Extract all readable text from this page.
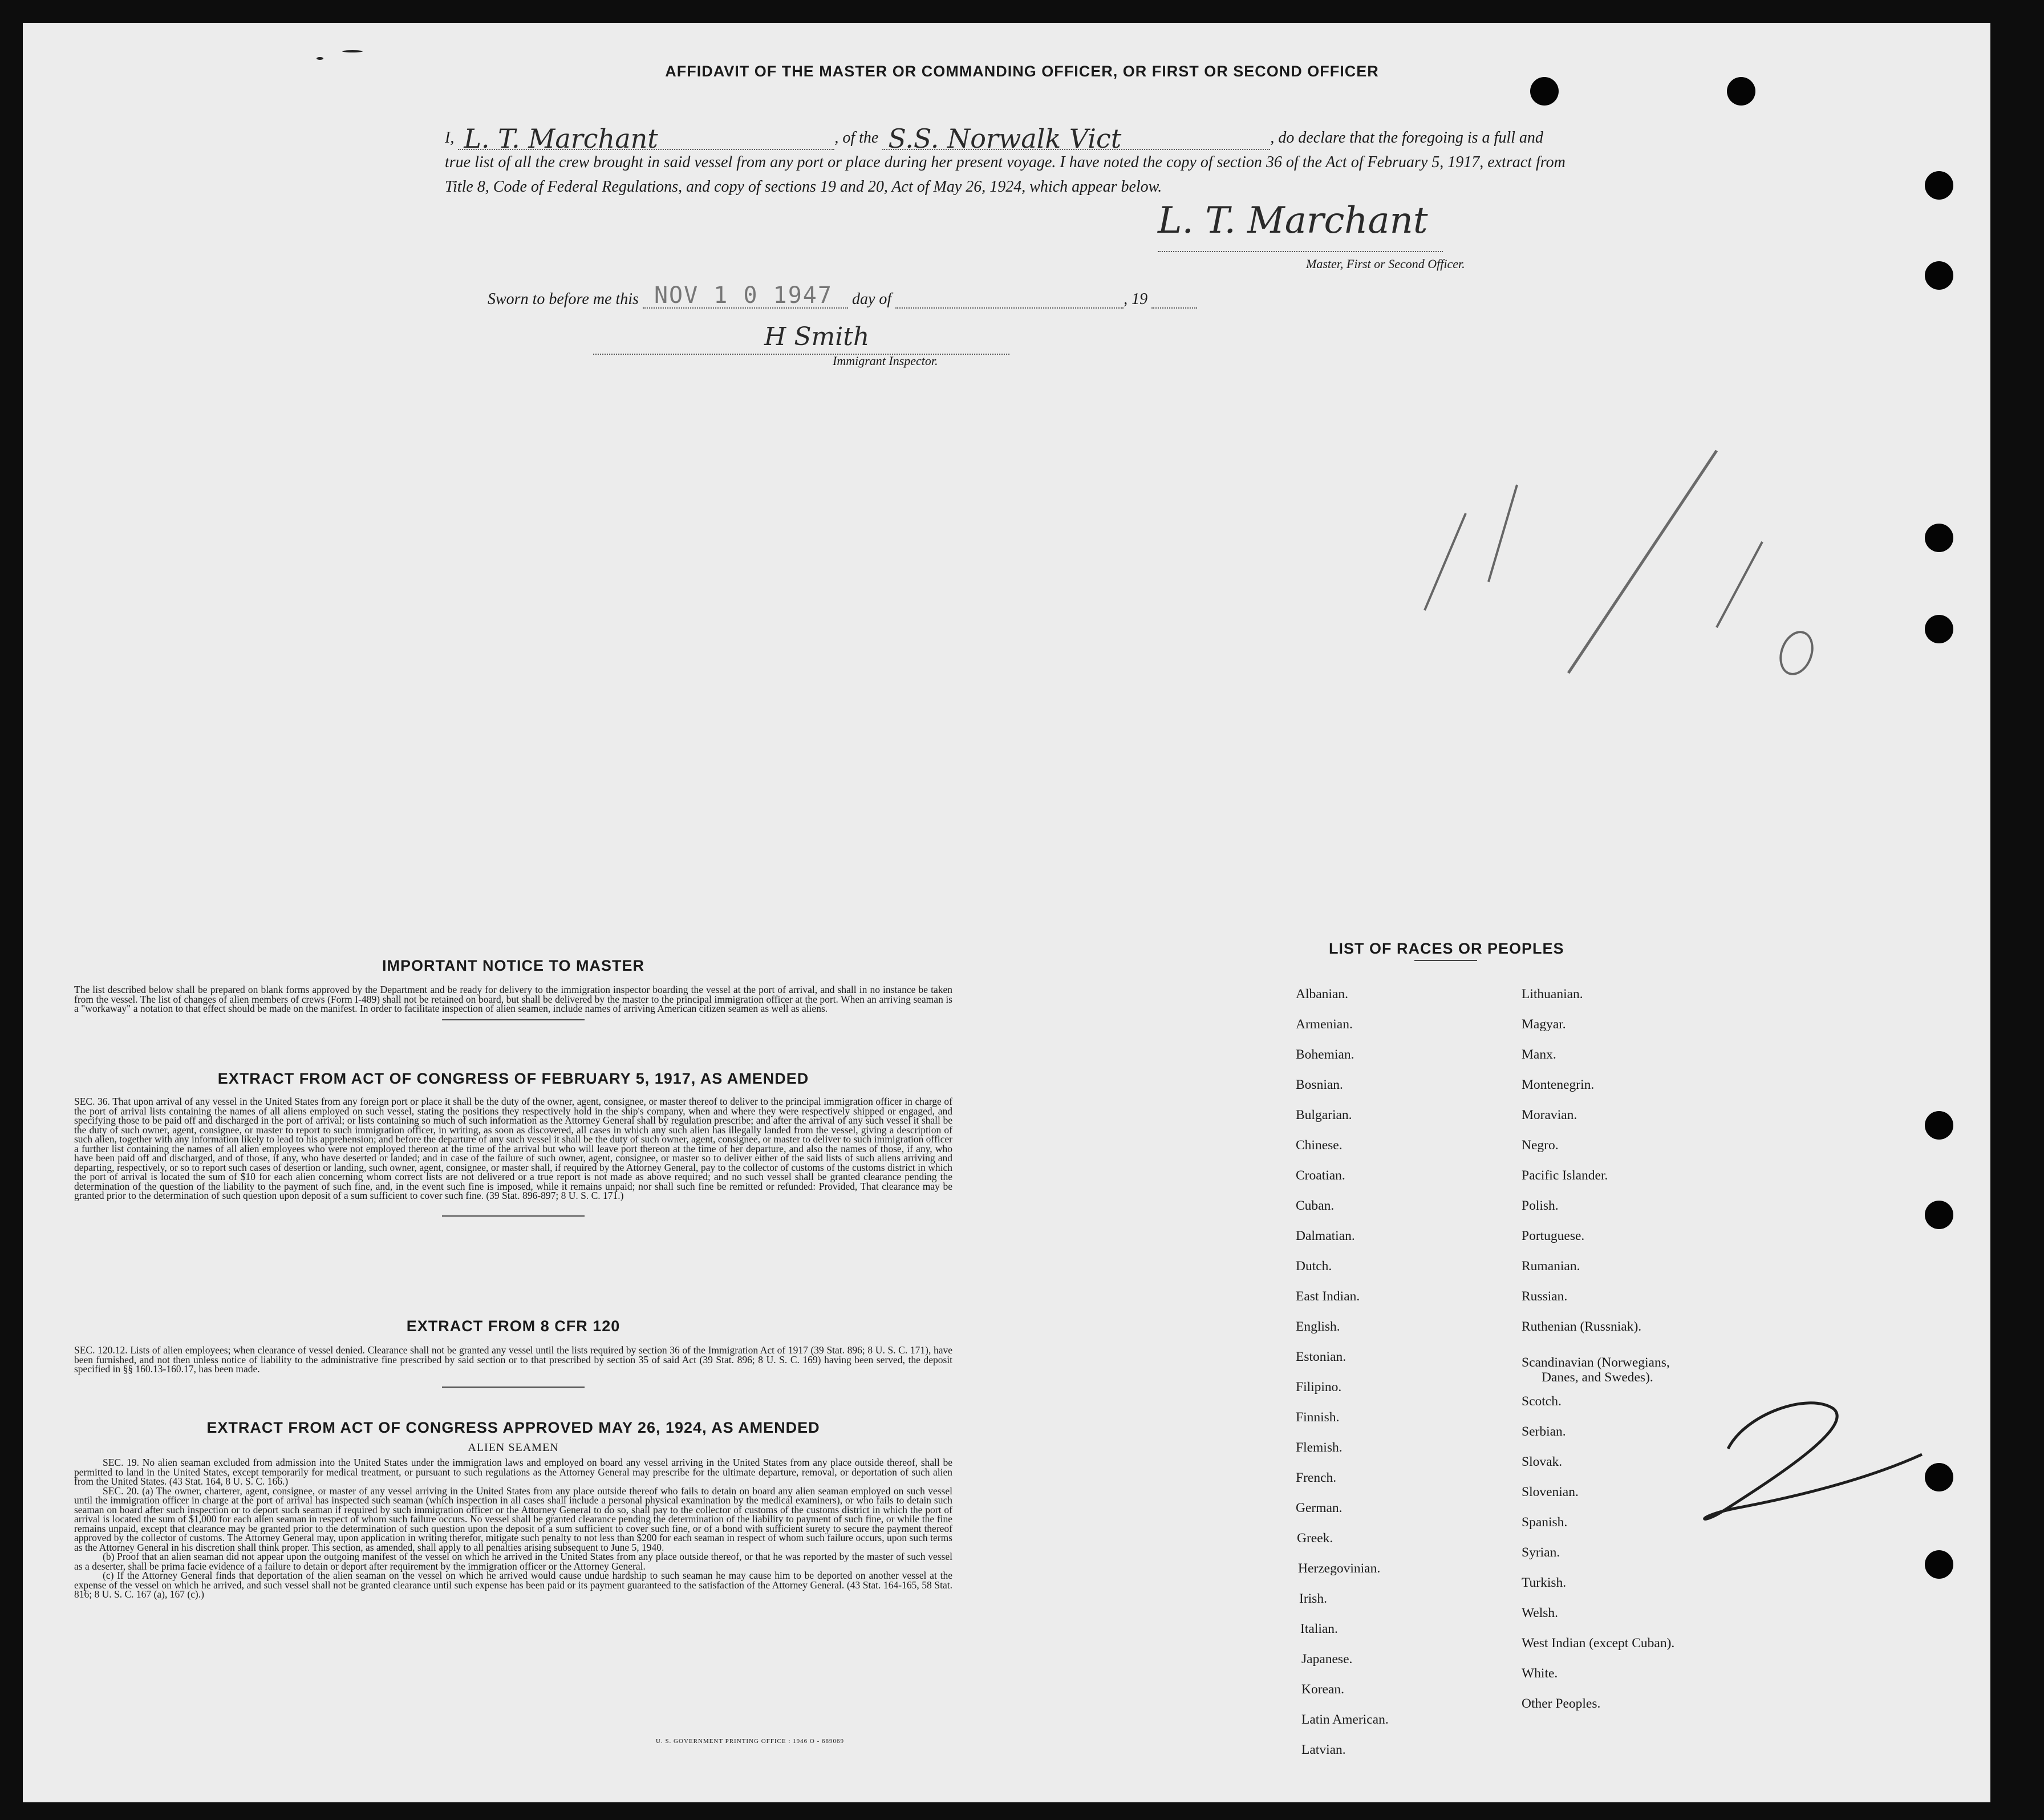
AFFIDAVIT OF THE MASTER OR COMMANDING OFFICER, OR FIRST OR SECOND OFFICER
I, L. T. Marchant	, of the S.S. Norwalk Vict	, do declare that the foregoing is a full and true list of all the crew brought in said vessel from any port or place during her present voyage. I have noted the copy of section 36 of the Act of February 5, 1917, extract from Title 8, Code of Federal Regulations, and copy of sections 19 and 20, Act of May 26, 1924, which appear below.
L. T. Marchant
Master, First or Second Officer.
Sworn to before me this NOV 1 0 1947 day of	, 19
H Smith
Immigrant Inspector.
IMPORTANT NOTICE TO MASTER

The list described below shall be prepared on blank forms approved by the Department and be ready for delivery to the immigration inspector boarding the vessel at the port of arrival, and shall in no instance be taken from the vessel. The list of changes of alien members of crews (Form I-489) shall not be retained on board, but shall be delivered by the master to the principal immigration officer at the port. When an arriving seaman is a "workaway" a notation to that effect should be made on the manifest. In order to facilitate inspection of alien seamen, include names of arriving American citizen seamen as well as aliens.

EXTRACT FROM ACT OF CONGRESS OF FEBRUARY 5, 1917, AS AMENDED

SEC. 36. That upon arrival of any vessel in the United States from any foreign port or place it shall be the duty of the owner, agent, consignee, or master thereof to deliver to the principal immigration officer in charge of the port of arrival lists containing the names of all aliens employed on such vessel, stating the positions they respectively hold in the ship's company, when and where they were respectively shipped or engaged, and specifying those to be paid off and discharged in the port of arrival; or lists containing so much of such information as the Attorney General shall by regulation prescribe; and after the arrival of any such vessel it shall be the duty of such owner, agent, consignee, or master to report to such immigration officer, in writing, as soon as discovered, all cases in which any such alien has illegally landed from the vessel, giving a description of such alien, together with any information likely to lead to his apprehension; and before the departure of any such vessel it shall be the duty of such owner, agent, consignee, or master to deliver to such immigration officer a further list containing the names of all alien employees who were not employed thereon at the time of the arrival but who will leave port thereon at the time of her departure, and also the names of those, if any, who have been paid off and discharged, and of those, if any, who have deserted or landed; and in case of the failure of such owner, agent, consignee, or master so to deliver either of the said lists of such aliens arriving and departing, respectively, or so to report such cases of desertion or landing, such owner, agent, consignee, or master shall, if required by the Attorney General, pay to the collector of customs of the customs district in which the port of arrival is located the sum of $10 for each alien concerning whom correct lists are not delivered or a true report is not made as above required; and no such vessel shall be granted clearance pending the determination of the question of the liability to the payment of such fine, and, in the event such fine is imposed, while it remains unpaid; nor shall such fine be remitted or refunded: Provided, That clearance may be granted prior to the determination of such question upon deposit of a sum sufficient to cover such fine. (39 Stat. 896-897; 8 U. S. C. 171.)

EXTRACT FROM 8 CFR 120

SEC. 120.12. Lists of alien employees; when clearance of vessel denied. Clearance shall not be granted any vessel until the lists required by section 36 of the Immigration Act of 1917 (39 Stat. 896; 8 U. S. C. 171), have been furnished, and not then unless notice of liability to the administrative fine prescribed by said section or to that prescribed by section 35 of said Act (39 Stat. 896; 8 U. S. C. 169) having been served, the deposit specified in §§ 160.13-160.17, has been made.

EXTRACT FROM ACT OF CONGRESS APPROVED MAY 26, 1924, AS AMENDED
ALIEN SEAMEN

SEC. 19. No alien seaman excluded from admission into the United States under the immigration laws and employed on board any vessel arriving in the United States from any place outside thereof, shall be permitted to land in the United States, except temporarily for medical treatment, or pursuant to such regulations as the Attorney General may prescribe for the ultimate departure, removal, or deportation of such alien from the United States. (43 Stat. 164, 8 U. S. C. 166.)

SEC. 20. (a) The owner, charterer, agent, consignee, or master of any vessel arriving in the United States from any place outside thereof who fails to detain on board any alien seaman employed on such vessel until the immigration officer in charge at the port of arrival has inspected such seaman (which inspection in all cases shall include a personal physical examination by the medical examiners), or who fails to detain such seaman on board after such inspection or to deport such seaman if required by such immigration officer or the Attorney General to do so, shall pay to the collector of customs of the customs district in which the port of arrival is located the sum of $1,000 for each alien seaman in respect of whom such failure occurs. No vessel shall be granted clearance pending the determination of the liability to payment of such fine, or while the fine remains unpaid, except that clearance may be granted prior to the determination of such question upon the deposit of a sum sufficient to cover such fine, or of a bond with sufficient surety to secure the payment thereof approved by the collector of customs. The Attorney General may, upon application in writing therefor, mitigate such penalty to not less than $200 for each seaman in respect of whom such failure occurs, upon such terms as the Attorney General in his discretion shall think proper. This section, as amended, shall apply to all penalties arising subsequent to June 5, 1940.

(b) Proof that an alien seaman did not appear upon the outgoing manifest of the vessel on which he arrived in the United States from any place outside thereof, or that he was reported by the master of such vessel as a deserter, shall be prima facie evidence of a failure to detain or deport after requirement by the immigration officer or the Attorney General.

(c) If the Attorney General finds that deportation of the alien seaman on the vessel on which he arrived would cause undue hardship to such seaman he may cause him to be deported on another vessel at the expense of the vessel on which he arrived, and such vessel shall not be granted clearance until such expense has been paid or its payment guaranteed to the satisfaction of the Attorney General. (43 Stat. 164-165, 58 Stat. 816; 8 U. S. C. 167 (a), 167 (c).)

U. S. GOVERNMENT PRINTING OFFICE : 1946 O - 689069
LIST OF RACES OR PEOPLES
Albanian.
Armenian.
Bohemian.
Bosnian.
Bulgarian.
Chinese.
Croatian.
Cuban.
Dalmatian.
Dutch.
East Indian.
English.
Estonian.
Filipino.
Finnish.
Flemish.
French.
German.
Greek.
Herzegovinian.
Irish.
Italian.
Japanese.
Korean.
Latin American.
Latvian.
Lithuanian.
Magyar.
Manx.
Montenegrin.
Moravian.
Negro.
Pacific Islander.
Polish.
Portuguese.
Rumanian.
Russian.
Ruthenian (Russniak).
Scandinavian (Norwegians,
Danes, and Swedes).
Scotch.
Serbian.
Slovak.
Slovenian.
Spanish.
Syrian.
Turkish.
Welsh.
West Indian (except Cuban).
White.
Other Peoples.
